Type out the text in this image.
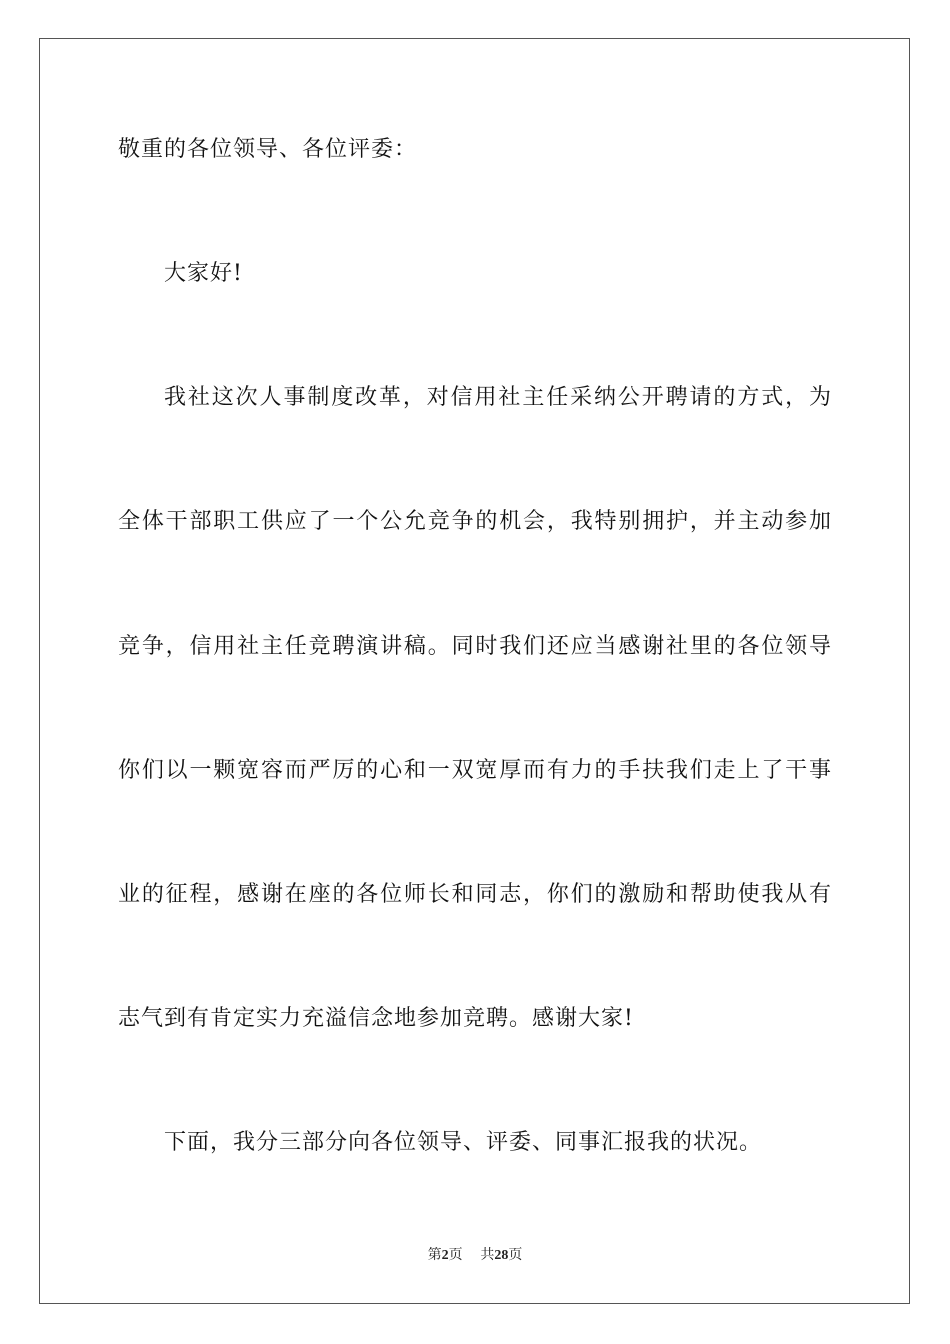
敬重的各位领导、各位评委：
大家好!
我社这次人事制度改革，对信用社主任采纳公开聘请的方式，为
全体干部职工供应了一个公允竞争的机会，我特别拥护，并主动参加
竞争，信用社主任竞聘演讲稿。同时我们还应当感谢社里的各位领导
你们以一颗宽容而严厉的心和一双宽厚而有力的手扶我们走上了干事
业的征程，感谢在座的各位师长和同志，你们的激励和帮助使我从有
志气到有肯定实力充溢信念地参加竞聘。感谢大家!
下面，我分三部分向各位领导、评委、同事汇报我的状况。
第2页 共28页
